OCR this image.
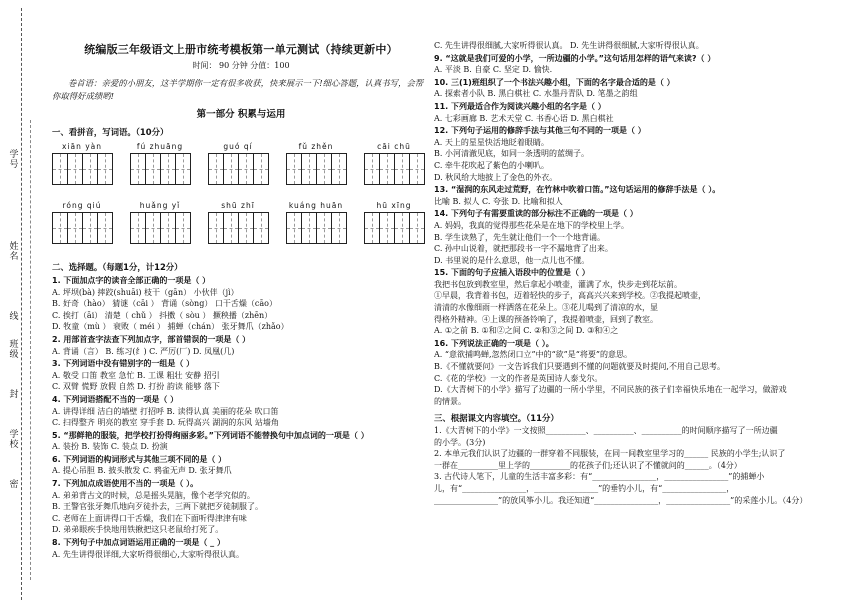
学号
姓名
线
班级
封
学校
密
统编版三年级语文上册市统考模板第一单元测试（持续更新中）
时间： 90 分钟 分值：100
卷首语：亲爱的小朋友，这半学期你一定有很多收获，快来展示一下!细心答题，认真书写，会帮你取得好成绩哟!
第一部分 积累与运用
一、看拼音，写词语。（10分）
xiān yàn	fú zhuāng	guó qí	fǔ zhěn	cāi chū
róng qiú	huǎng yǐ	shū zhī	kuáng huān	hū xīng
二、选择题。（每题1分，计12分）
1. 下面加点字的读音全部正确的一项是（ ）
A. 坪坝(bà) 摔跤(shuāi) 枝干（gān） 小伙伴（jì）
B. 好奇（hào） 猜谜（cāi ） 背诵（sòng） 口干舌燥（cāo）
C. 挨打（āi） 清楚（ chǔ ） 抖擞（ sòu ） 撅秧播（zhēn）
D. 牧童（mù ） 衰败（ méi ） 捕蝉（chán） 张牙舞爪（zhǎo）
2. 用部首查字法查下列加点字，部首错误的一项是（ ）
A. 背诵（言） B. 练习(纟) C. 严厉(厂) D. 凤凰(几)
3. 下列词语中没有错别字的一组是（ ）
A. 敬受 口笛 教室 急忙 B. 工课 粗壮 安静 招引
C. 双臂 慌野 放假 自然 D. 打扮 韵读 能够 落下
4. 下列词语搭配不当的一项是（ ）
A. 讲得详细 洁白的墙壁 打招呼 B. 读得认真 美丽的花朵 吹口笛
C. 扫得整齐 明亮的教室 穿手套 D. 玩得高兴 湖润的东风 站墙角
5. “那鲜艳的服装，把学校打扮得绚丽多彩。”下列词语不能替换句中加点词的一项是（ ）
A. 装扮 B. 装饰 C. 装点 D. 扮演
6. 下列词语的构词形式与其他三项不同的是（ ）
A. 提心吊胆 B. 披头散发 C. 鸦雀无声 D. 张牙舞爪
7. 下列加点成语使用不当的一项是（ ）。
A. 弟弟背古文的时候，总是摇头晃脑，像个老学究似的。
B. 王警官张牙舞爪地向歹徒扑去，三两下就把歹徒制服了。
C. 老师在上面讲得口干舌燥，我们在下面听得津津有味
D. 弟弟眼疾手快地用铁揪把这只老鼠给打死了。
8. 下列句子中加点词语运用正确的一项是（ _ ）
A. 先生讲得很详细,大家听得很细心,大家听得很认真。
C. 先生讲得很细腻,大家听得很认真。 D. 先生讲得很细腻,大家听得很认真。
9. “这就是我们可爱的小学，一所边疆的小学。”这句话用怎样的语气来读?（ ）
A. 平淡 B. 自豪 C. 坚定 D. 愉快.
10. 三(1)班组织了一个书法兴趣小组，下面的名字最合适的是（ ）
A. 探索者小队 B. 黑白棋社 C. 水墨丹青队 D. 笔墨之韵组
11. 下列最适合作为阅读兴趣小组的名字是（ ）
A. 七彩画廊 B. 艺术天堂 C. 书香心语 D. 黑白棋社
12. 下列句子运用的修辞手法与其他三句不同的一项是（ ）
A. 天上的星星快活地眨着眼睛。
B. 小河清澈见底，如同一条透明的蓝绸子。
C. 牵牛花吹起了紫色的小喇叭。
D. 秋风给大地披上了金色的外衣。
13. “湿润的东风走过荒野，在竹林中吹着口笛。”这句话运用的修辞手法是（ ）。
比喻 B. 拟人 C. 夸张 D. 比喻和拟人
14. 下列句子有需要重读的部分标注不正确的一项是（ ）
A. 妈妈，我真的觉得那些花朵是在地下的学校里上学。
B. 学生读熟了，先生就让他们一个一个地背诵。
C. 孙中山说着，就把那段书一字不漏地背了出来。
D. 书里说的是什么意思，他一点儿也不懂。
15. 下面的句子应插入语段中的位置是（ ）
我把书包放到教室里，然后拿起小喷壶，灌满了水，快步走到花坛前。
①早晨，我背着书包，迈着轻快的步子，高高兴兴来到学校。②我提起喷壶，
清清的水像细雨一样洒落在花朵上。③花儿喝到了清凉的水，显
得格外精神。④上课的预备铃响了，我提着喷壶，回到了教室。
A. ①之前 B. ①和②之间 C. ②和③之间 D. ③和④之
16. 下列说法正确的一项是（ ）。
A. “意欲捕鸣蝉,忽然闭口立”中的“欲”是“将要”的意思。
B.《不懂就要问》一文告诉我们只要遇到不懂的问题就要及时提问,不用自己思考。
C.《花的学校》一文的作者是英国诗人泰戈尔。
D.《大青树下的小学》描写了边疆的一所小学里，不同民族的孩子们幸福快乐地在一起学习，做游戏
的情景。
三、根据课文内容填空。（11分）
1.《大青树下的小学》一文按照__________、__________、__________的时间顺序描写了一所边疆
的小学。(3分)
2. 本单元我们认识了边疆的一群穿着不同服装，在同一间教室里学习的______ 民族的小学生;认识了
一群在__________里上学的__________的花孩子们;还认识了不懂就问的______。（4分）
3. 古代诗人笔下，儿童的生活丰富多彩：有“________________，________________”的捕蝉小
儿，有“________________，________________”的垂钓小儿，有“________________，
________________”的放风筝小儿。我还知道“________________，________________”的采莲小儿。（4分）
